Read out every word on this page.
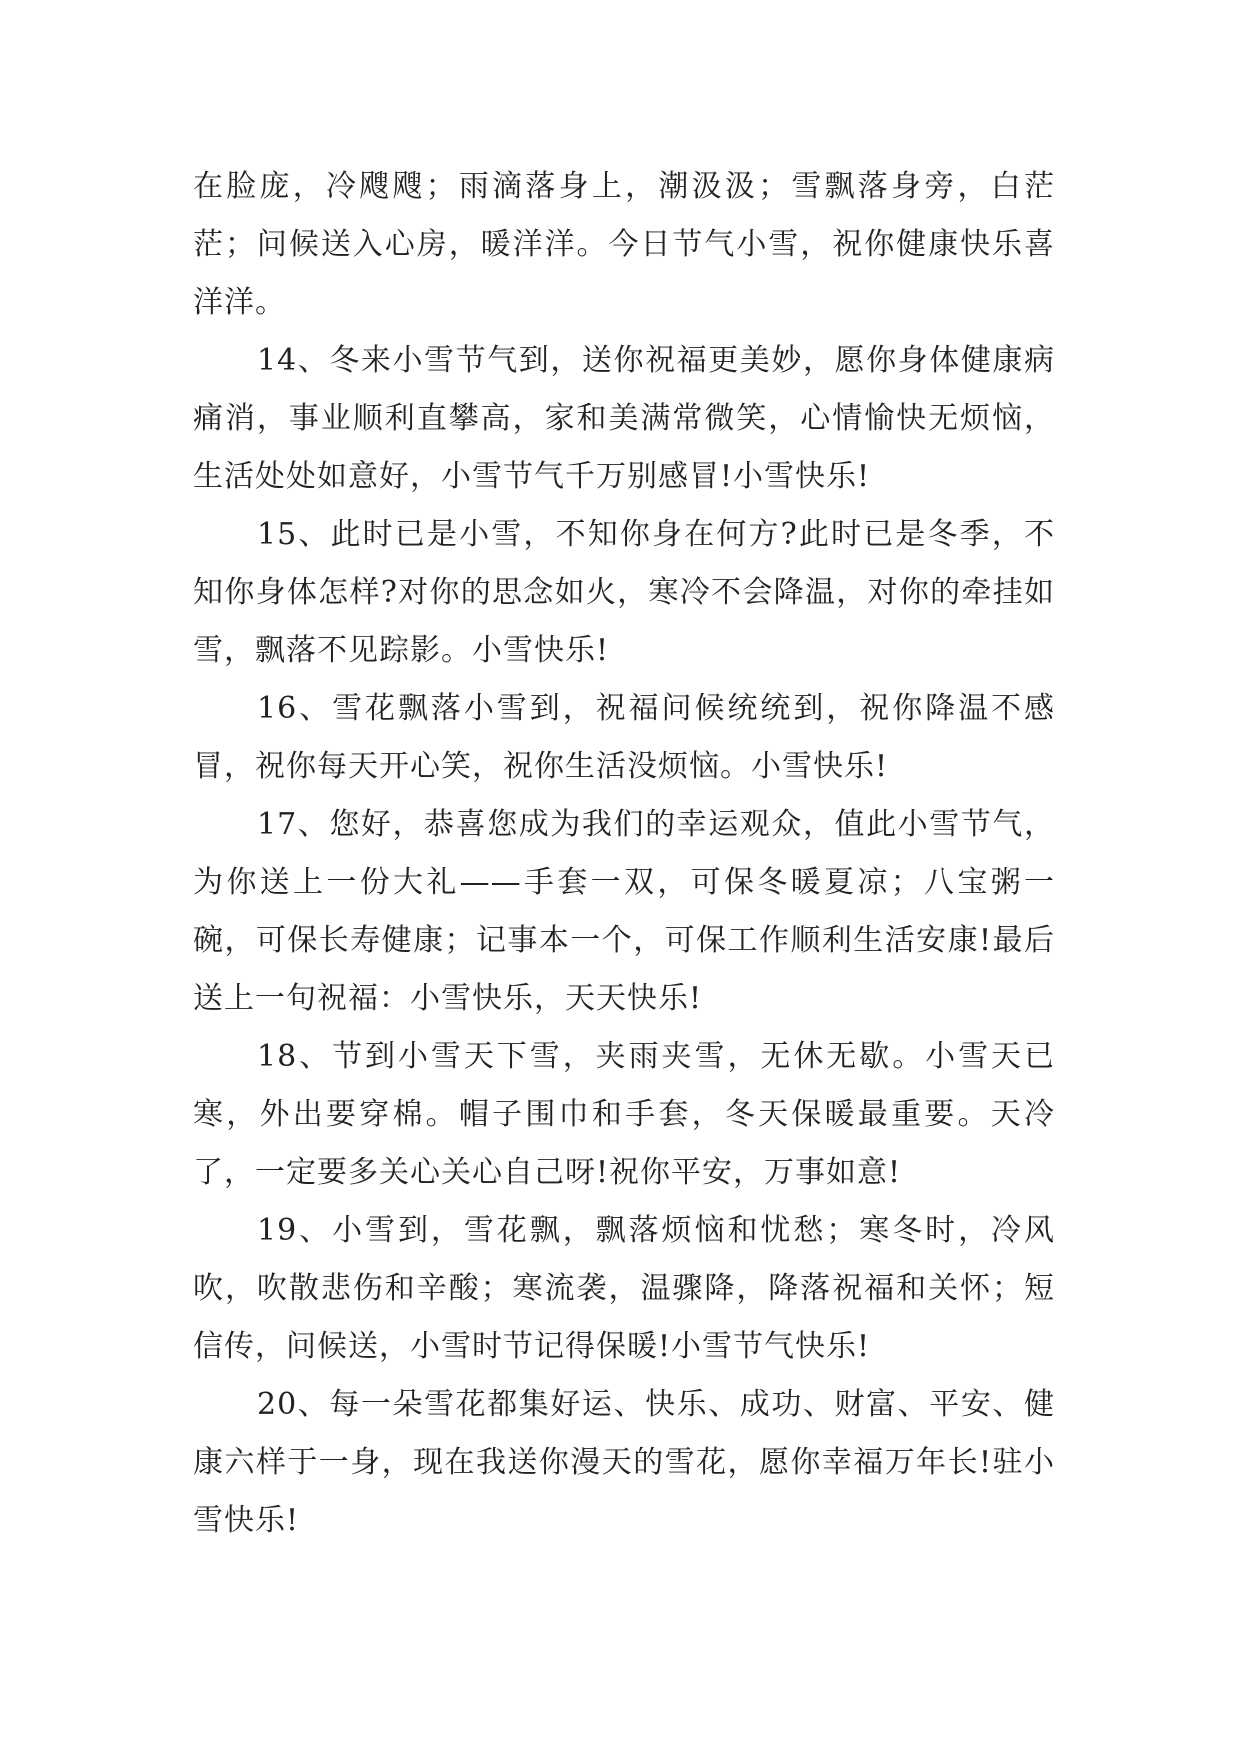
在脸庞，冷飕飕；雨滴落身上，潮汲汲；雪飘落身旁，白茫茫；问候送入心房，暖洋洋。今日节气小雪，祝你健康快乐喜洋洋。

14、冬来小雪节气到，送你祝福更美妙，愿你身体健康病痛消，事业顺利直攀高，家和美满常微笑，心情愉快无烦恼，生活处处如意好，小雪节气千万别感冒!小雪快乐!

15、此时已是小雪，不知你身在何方?此时已是冬季，不知你身体怎样?对你的思念如火，寒冷不会降温，对你的牵挂如雪，飘落不见踪影。小雪快乐!

16、雪花飘落小雪到，祝福问候统统到，祝你降温不感冒，祝你每天开心笑，祝你生活没烦恼。小雪快乐!

17、您好，恭喜您成为我们的幸运观众，值此小雪节气，为你送上一份大礼——手套一双，可保冬暖夏凉；八宝粥一碗，可保长寿健康；记事本一个，可保工作顺利生活安康!最后送上一句祝福：小雪快乐，天天快乐!

18、节到小雪天下雪，夹雨夹雪，无休无歇。小雪天已寒，外出要穿棉。帽子围巾和手套，冬天保暖最重要。天冷了，一定要多关心关心自己呀!祝你平安，万事如意!

19、小雪到，雪花飘，飘落烦恼和忧愁；寒冬时，冷风吹，吹散悲伤和辛酸；寒流袭，温骤降，降落祝福和关怀；短信传，问候送，小雪时节记得保暖!小雪节气快乐!

20、每一朵雪花都集好运、快乐、成功、财富、平安、健康六样于一身，现在我送你漫天的雪花，愿你幸福万年长!驻小雪快乐!
